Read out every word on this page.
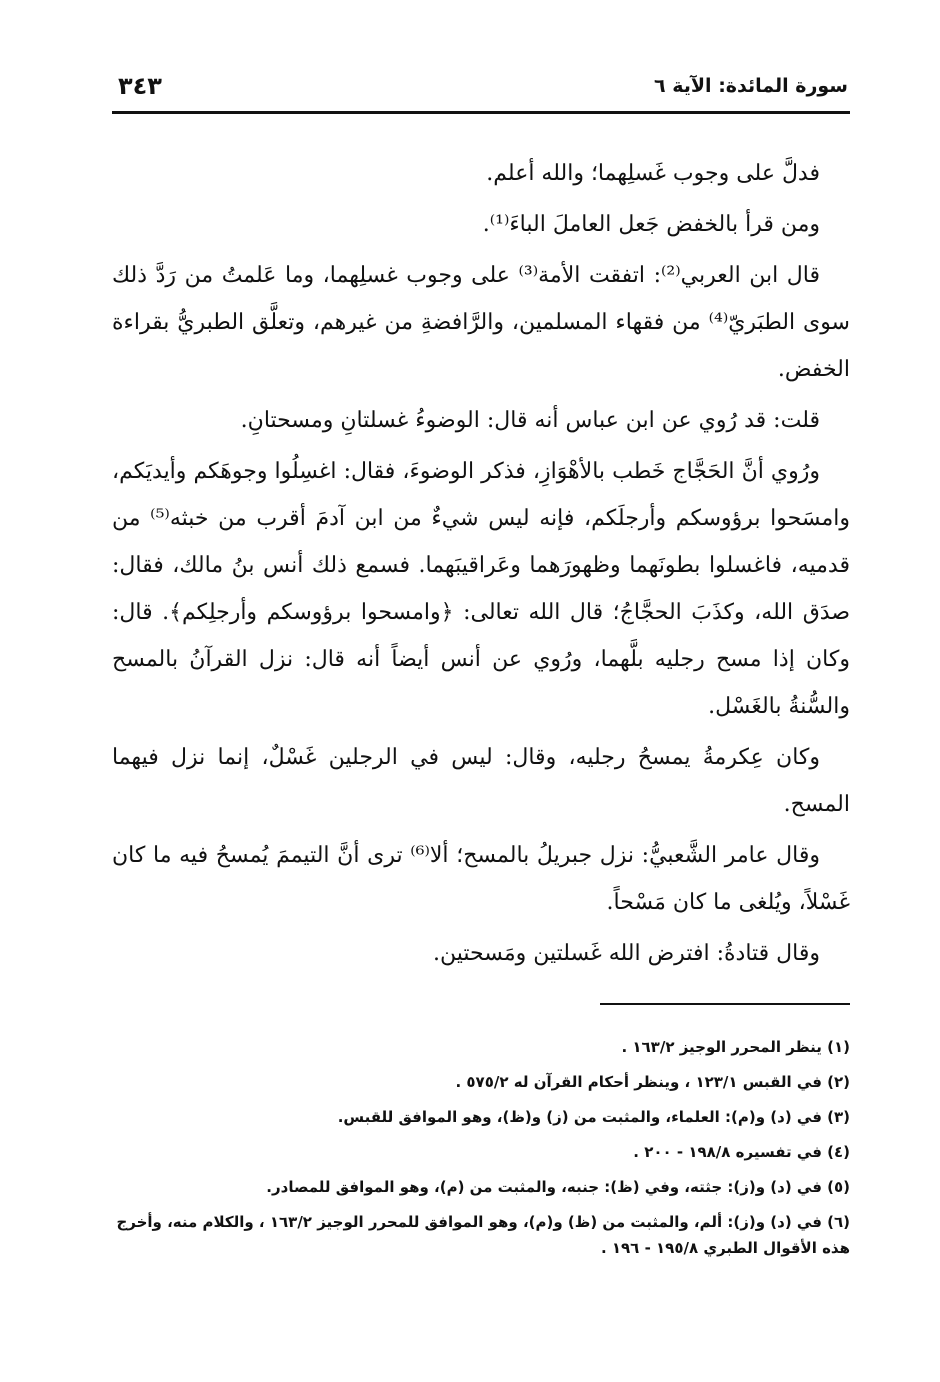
سورة المائدة: الآية ٦
٣٤٣

فدلَّ على وجوب غَسلِهما؛ والله أعلم.

ومن قرأ بالخفض جَعل العاملَ الباءَ⁽¹⁾.

قال ابن العربي⁽²⁾: اتفقت الأمة⁽³⁾ على وجوب غسلِهما، وما عَلمتُ من رَدَّ ذلك سوى الطبَريّ⁽⁴⁾ من فقهاء المسلمين، والرَّافضةِ من غيرهم، وتعلَّق الطبريُّ بقراءة الخفض.

قلت: قد رُوي عن ابن عباس أنه قال: الوضوءُ غسلتانِ ومسحتانِ.

ورُوي أنَّ الحَجَّاج خَطب بالأهْوَازِ، فذكر الوضوءَ، فقال: اغسِلُوا وجوهَكم وأيديَكم، وامسَحوا برؤوسكم وأرجلَكم، فإنه ليس شيءٌ من ابن آدمَ أقرب من خبثه⁽⁵⁾ من قدميه، فاغسلوا بطونَهما وظهورَهما وعَراقيبَهما. فسمع ذلك أنس بنُ مالك، فقال: صدَق الله، وكذَبَ الحجَّاجُ؛ قال الله تعالى: ﴿وامسحوا برؤوسكم وأرجلِكم﴾. قال: وكان إذا مسح رجليه بلَّهما، ورُوي عن أنس أيضاً أنه قال: نزل القرآنُ بالمسح والسُّنةُ بالغَسْل.

وكان عِكرمةُ يمسحُ رجليه، وقال: ليس في الرجلين غَسْلٌ، إنما نزل فيهما المسح.

وقال عامر الشَّعبيُّ: نزل جبريلُ بالمسح؛ ألا⁽⁶⁾ ترى أنَّ التيممَ يُمسحُ فيه ما كان غَسْلاً، ويُلغى ما كان مَسْحاً.

وقال قتادةُ: افترض الله غَسلتين ومَسحتين.

(١) ينظر المحرر الوجيز ١٦٣/٢ .

(٢) في القبس ١٢٣/١ ، وينظر أحكام القرآن له ٥٧٥/٢ .

(٣) في (د) و(م): العلماء، والمثبت من (ز) و(ظ)، وهو الموافق للقبس.

(٤) في تفسيره ١٩٨/٨ - ٢٠٠ .

(٥) في (د) و(ز): جثته، وفي (ظ): جنبه، والمثبت من (م)، وهو الموافق للمصادر.

(٦) في (د) و(ز): ألم، والمثبت من (ظ) و(م)، وهو الموافق للمحرر الوجيز ١٦٣/٢ ، والكلام منه، وأخرج هذه الأقوال الطبري ١٩٥/٨ - ١٩٦ .
